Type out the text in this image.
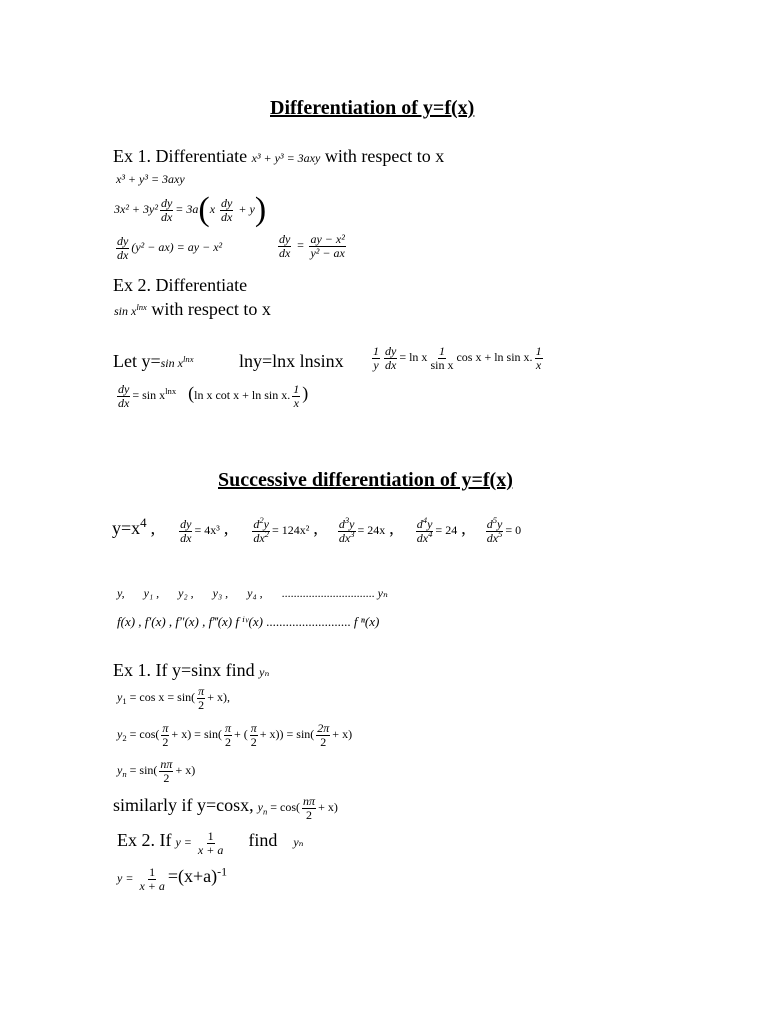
Differentiation of y=f(x)
Ex 1. Differentiate x³ + y³ = 3axy with respect to x
x³ + y³ = 3axy
$3x^2 + 3y^2 \frac{dy}{dx} = 3a(x \frac{dy}{dx} + y)$
$\frac{dy}{dx} (y^2 - ax)$ = ay − x²	$\frac{dy}{dx} = \frac{\text{ay − x²}}{\text{y² − ax}}$
Ex 2. Differentiate
$\sin x^{lnx}$ with respect to x
Let y=sin $x^{lnx}$	lny=lnx lnsinx $\frac{1}{y} \frac{dy}{dx} = \ln x \frac{1}{\text{sin x}}$ cos x + ln sin x. $\frac{1}{x}$
$\frac{dy}{dx} = \sin x^{lnx}$ (ln x cot x + ln sin x. $\frac{1}{x}$ )
Successive differentiation of y=f(x)
$y=x^4$ , $\frac{dy}{dx} = 4x^3$ , $\frac{d^2y}{dx^2} = 124x^2$ , $\frac{d^3y}{dx^3} = 24x$ , $\frac{d^4y}{dx^4} = 24$ , $\frac{d^5y}{dx^5} = 0$
y, y₁ , y₂ , y₃ , y₄ , ............................... yₙ
f(x) , f′(x) , f″(x) , f‴(x) f ⁱᵛ(x) .......................... f ⁿ(x)
Ex 1. If y=sinx find yₙ
$y_1 = \cos x = \sin( \frac{\pi}{2} + x)$,
$y_2 = \cos( \frac{\pi}{2} + x) = \sin( \frac{\pi}{2}$ + ( $\frac{\pi}{2} + x)) = \sin( \frac{2\pi}{2} + x)$
$y_n = \sin( \frac{n\pi}{2} + x)$
similarly if y=cosx, $y_n = \cos( \frac{n\pi}{2} + x)$
Ex 2. If $y = \frac{1}{x + a}$ find yₙ
$y = \frac{1}{x + a} =(x+a)^{-1}$
